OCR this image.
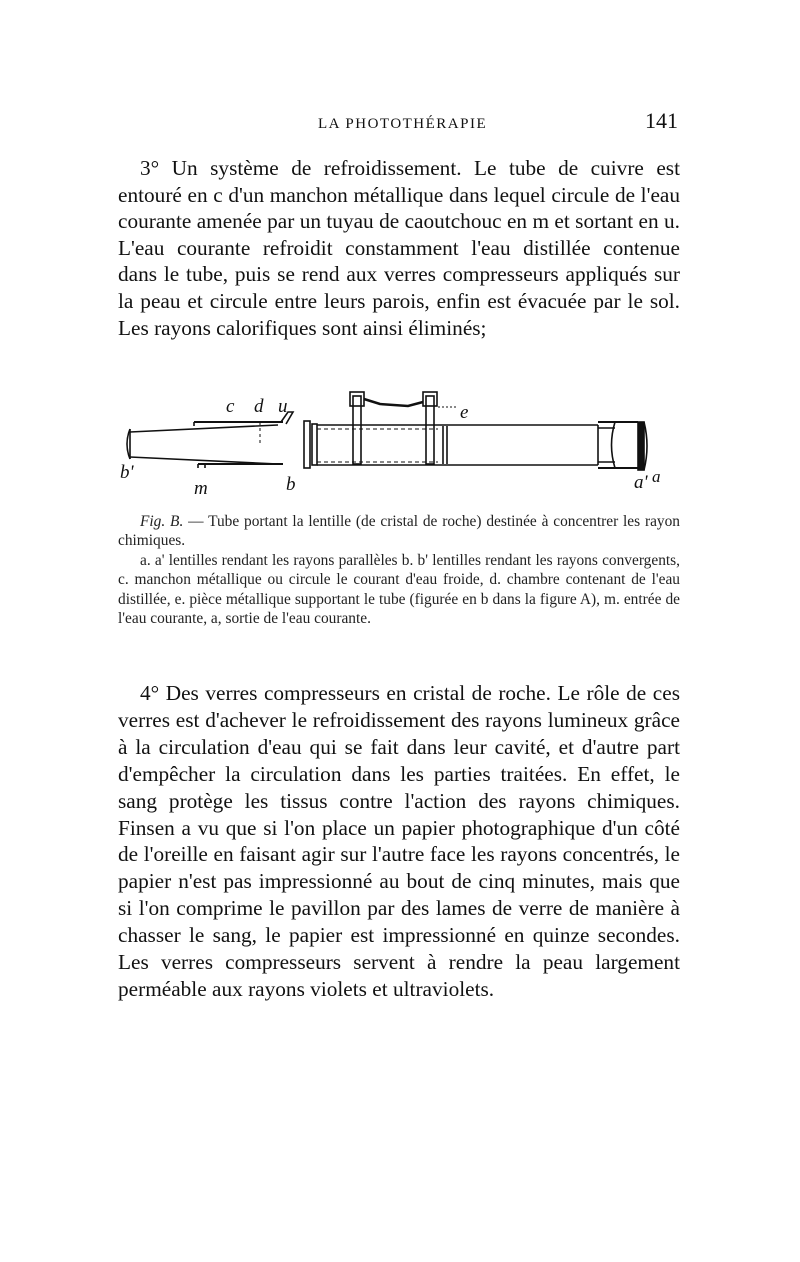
LA PHOTOTHÉRAPIE	141

3° Un système de refroidissement. Le tube de cuivre est entouré en c d'un manchon métallique dans lequel circule de l'eau courante amenée par un tuyau de caoutchouc en m et sortant en u. L'eau courante refroidit constamment l'eau distillée contenue dans le tube, puis se rend aux verres compresseurs appliqués sur la peau et circule entre leurs parois, enfin est évacuée par le sol. Les rayons calorifiques sont ainsi éliminés;

c d u	e
b'
m	b	a' a

Fig. B. — Tube portant la lentille (de cristal de roche) destinée à concentrer les rayon chimiques.

a. a' lentilles rendant les rayons parallèles b. b' lentilles rendant les rayons convergents, c. manchon métallique ou circule le courant d'eau froide, d. chambre contenant de l'eau distillée, e. pièce métallique supportant le tube (figurée en b dans la figure A), m. entrée de l'eau courante, a, sortie de l'eau courante.

4° Des verres compresseurs en cristal de roche. Le rôle de ces verres est d'achever le refroidissement des rayons lumineux grâce à la circulation d'eau qui se fait dans leur cavité, et d'autre part d'empêcher la circulation dans les parties traitées. En effet, le sang protège les tissus contre l'action des rayons chimiques. Finsen a vu que si l'on place un papier photographique d'un côté de l'oreille en faisant agir sur l'autre face les rayons concentrés, le papier n'est pas impressionné au bout de cinq minutes, mais que si l'on comprime le pavillon par des lames de verre de manière à chasser le sang, le papier est impressionné en quinze secondes. Les verres compresseurs servent à rendre la peau largement perméable aux rayons violets et ultraviolets.
